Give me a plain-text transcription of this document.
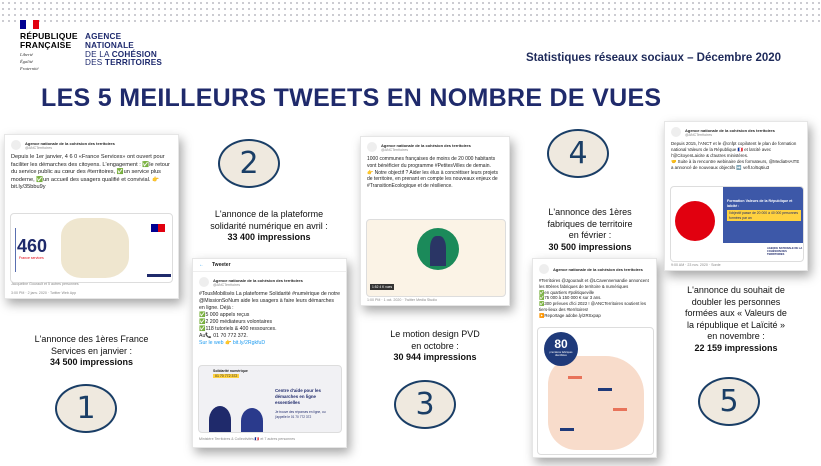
RÉPUBLIQUE
FRANÇAISE
Liberté
Égalité
Fraternité
AGENCE
NATIONALE
DE LA COHÉSION
DES TERRITOIRES	Statistiques réseaux sociaux – Décembre 2020
LES 5 MEILLEURS TWEETS EN NOMBRE DE VUES
Agence nationale de la cohésion des territoires
@ANCTerritoires
Depuis le 1er janvier, 4 6 0 «France Services» ont ouvert pour faciliter les démarches des citoyens. L'engagement : ✅le retour du service public au cœur des #territoires, ✅un service plus moderne, ✅un accueil des usagers qualifié et convivial. 👉 bit.ly/35bbu9y
460
France services
Jacqueline Gourault et 5 autres personnes
3:00 PM · 2 janv. 2020 · Twitter Web App
L'annonce des 1ères France
Services en janvier :
34 500 impressions
1
2
L'annonce de la plateforme
solidarité numérique en avril :
33 400 impressions
← Tweeter
Agence nationale de la cohésion des territoires
@ANCTerritoires
#TousMobilisés La plateforme Solidarité #numérique de notre @MissionSoNum aide les usagers à faire leurs démarches en ligne. Déjà :
✅5 000 appels reçus
✅2 200 médiateurs volontaires
✅118 tutoriels & 400 ressources.
Au📞 01 70 772 372.
Sur le web 👉 bit.ly/2RgkfuD
Solidarité numérique
01 70 772 372
Centre d'aide pour les démarches en ligne essentielles
Je trouve des réponses en ligne, ou j'appelle le 01 70 772 372
Ministère Territoires & Collectivités 🇫🇷 et 7 autres personnes
Agence nationale de la cohésion des territoires
@ANCTerritoires
1000 communes françaises de moins de 20 000 habitants vont bénéficier du programme #PetitesVilles de demain.
👉 Notre objectif ? Aider les élus à concrétiser leurs projets de territoire, en prenant en compte les nouveaux enjeux de #TransitionEcologique et de résilience.
1:52 4 K vues
1:00 PM · 1 oct. 2020 · Twitter Media Studio
Le motion design PVD
en octobre :
30 944 impressions
3
4
L'annonce des 1ères
fabriques de territoire
en février :
30 500 impressions
Agence nationale de la cohésion des territoires
#Territoires @Jgourault et @LCavennemandie annoncent les 80ères fabriques de territoire & numériques
✅en quartiers #politiqueville
✅75 000 à 150 000 € sur 3 ans.
✅300 prévues d'ici 2022 ! @ANCTerritoires soutient les tiers-lieux des #territoires!
▶️Reportage adobe.ly/2RSxpap
80
premières fabriques identifiées
Agence nationale de la cohésion des territoires
@ANCTerritoires
Depuis 2015, l'ANCT et le @cnfpt copilotent le plan de formation national Valeurs de la République 🇫🇷 et laïcité avec l'@CitoyenLaicite & d'autres ministères.
🤝 Suite à la rencontre webinaire des formateurs, @MediatHAITE a annoncé de nouveaux objectifs ➡️ vefl.to/5q6iu3
Formation Valeurs de la République et laïcité :
l'objectif passe de 20 000 à 40 000 personnes formées par an
AGENCE NATIONALE DE LA COHÉSION DES TERRITOIRES
9:00 AM · 23 nov. 2020 · Sorde
L'annonce du souhait de
doubler les personnes
formées aux « Valeurs de
la république et Laïcité »
en novembre :
22 159 impressions
5
